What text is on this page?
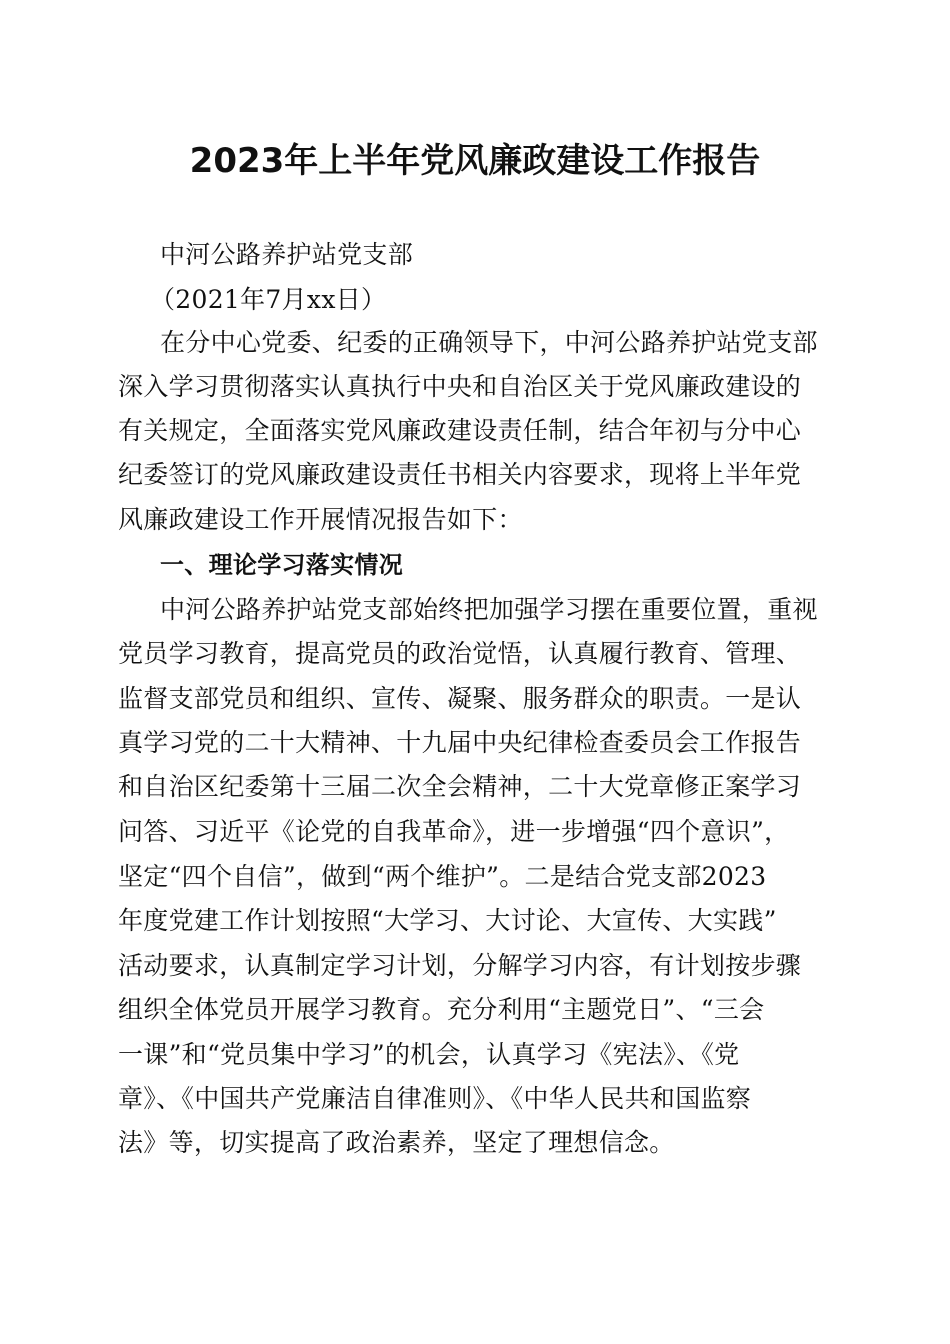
2023年上半年党风廉政建设工作报告
中河公路养护站党支部
（2021年7月xx日）
在分中心党委、纪委的正确领导下，中河公路养护站党支部
深入学习贯彻落实认真执行中央和自治区关于党风廉政建设的
有关规定，全面落实党风廉政建设责任制，结合年初与分中心
纪委签订的党风廉政建设责任书相关内容要求，现将上半年党
风廉政建设工作开展情况报告如下：
一、理论学习落实情况
中河公路养护站党支部始终把加强学习摆在重要位置，重视
党员学习教育，提高党员的政治觉悟，认真履行教育、管理、
监督支部党员和组织、宣传、凝聚、服务群众的职责。一是认
真学习党的二十大精神、十九届中央纪律检查委员会工作报告
和自治区纪委第十三届二次全会精神，二十大党章修正案学习
问答、习近平《论党的自我革命》，进一步增强“四个意识”，
坚定“四个自信”，做到“两个维护”。二是结合党支部2023
年度党建工作计划按照“大学习、大讨论、大宣传、大实践”
活动要求，认真制定学习计划，分解学习内容，有计划按步骤
组织全体党员开展学习教育。充分利用“主题党日”、“三会
一课”和“党员集中学习”的机会，认真学习《宪法》、《党
章》、《中国共产党廉洁自律准则》、《中华人民共和国监察
法》等，切实提高了政治素养，坚定了理想信念。
